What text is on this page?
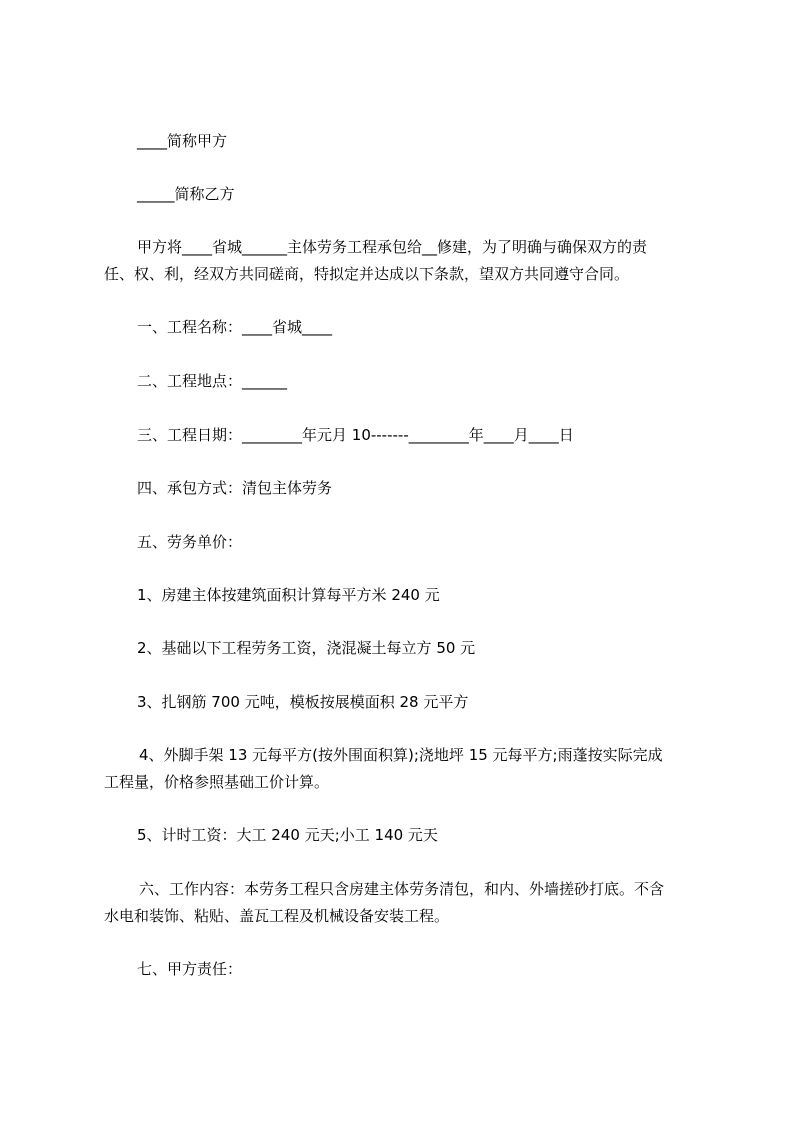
____简称甲方
_____简称乙方
甲方将____省城______主体劳务工程承包给__修建，为了明确与确保双方的责
任、权、利，经双方共同磋商，特拟定并达成以下条款，望双方共同遵守合同。
一、工程名称：____省城____
二、工程地点：______
三、工程日期：________年元月 10-------________年____月____日
四、承包方式：清包主体劳务
五、劳务单价：
1、房建主体按建筑面积计算每平方米 240 元
2、基础以下工程劳务工资，浇混凝土每立方 50 元
3、扎钢筋 700 元吨，模板按展模面积 28 元平方
4、外脚手架 13 元每平方(按外围面积算);浇地坪 15 元每平方;雨蓬按实际完成
工程量，价格参照基础工价计算。
5、计时工资：大工 240 元天;小工 140 元天
六、工作内容：本劳务工程只含房建主体劳务清包，和内、外墙搓砂打底。不含
水电和装饰、粘贴、盖瓦工程及机械设备安装工程。
七、甲方责任：
